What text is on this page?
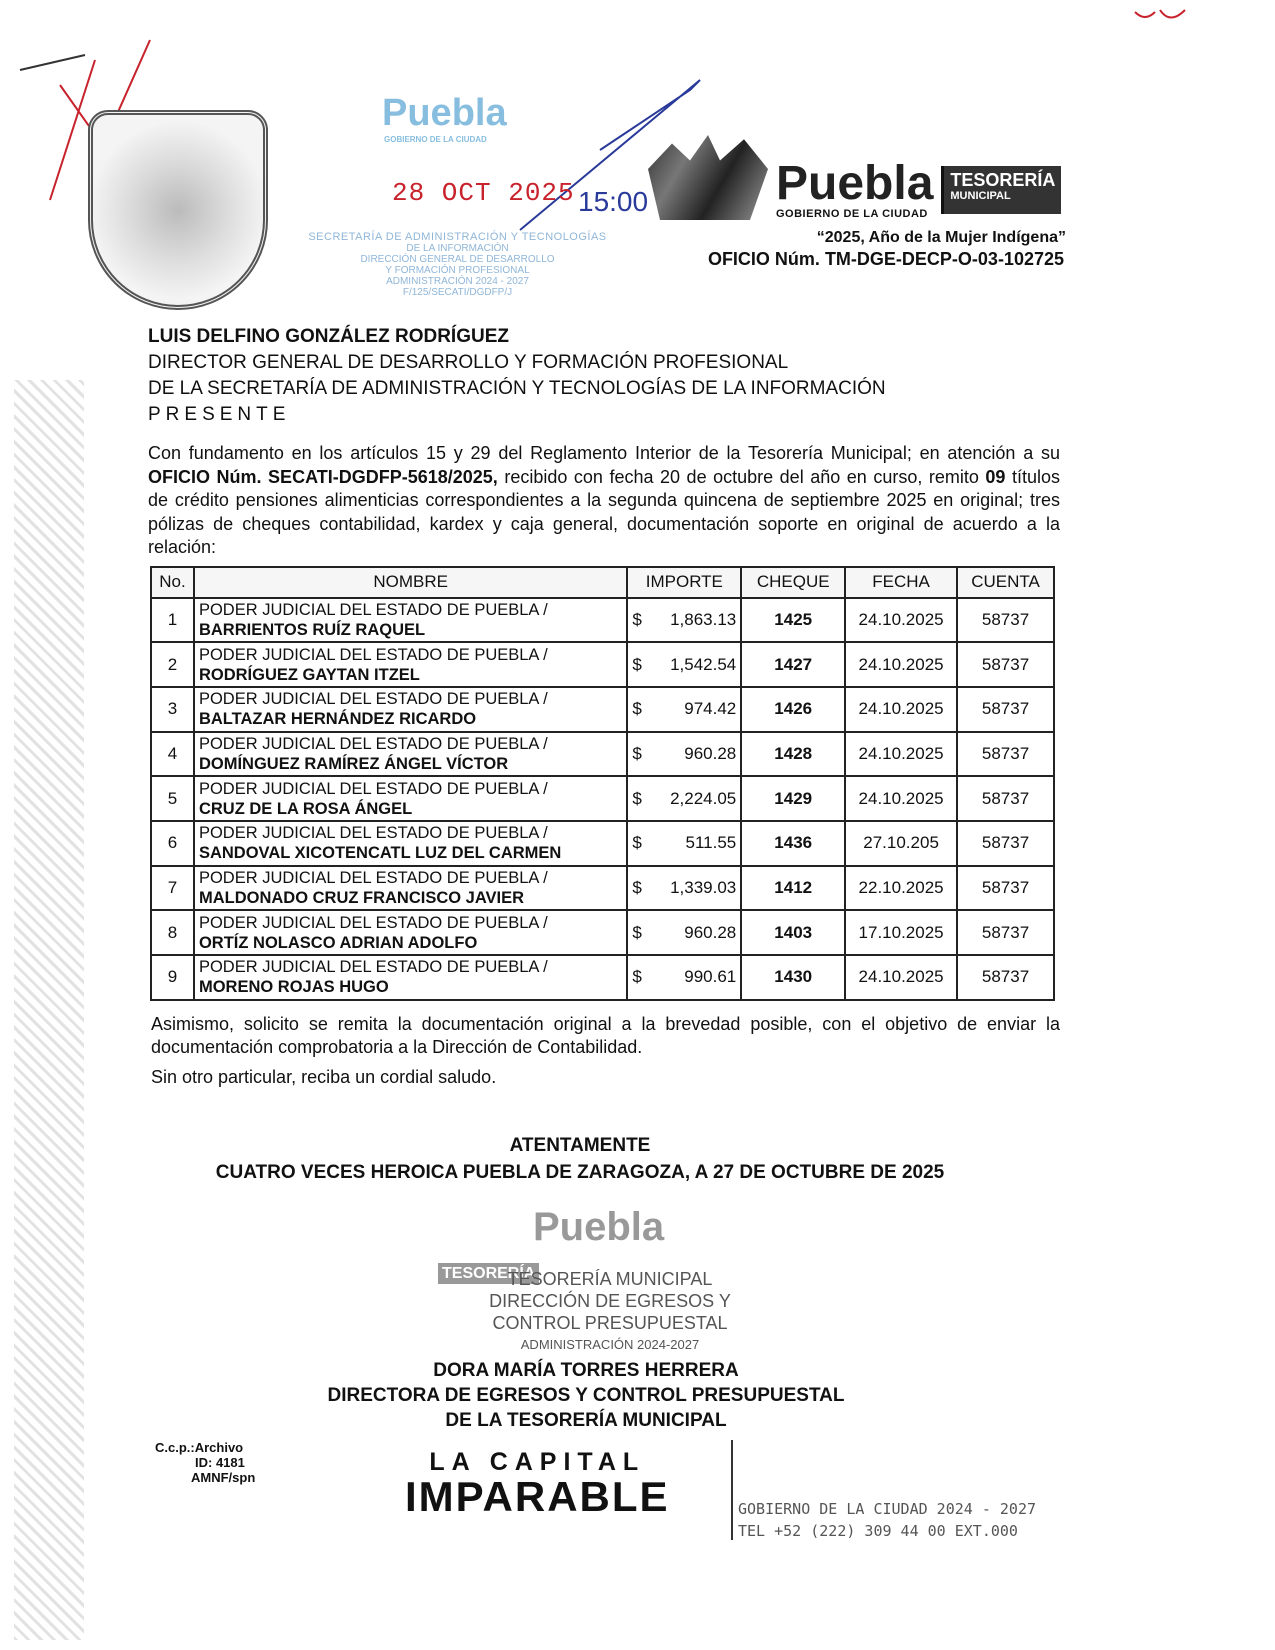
Puebla
GOBIERNO DE LA CIUDAD
28 OCT 2025 15:00
SECRETARÍA DE ADMINISTRACIÓN Y TECNOLOGÍAS
DE LA INFORMACIÓN
DIRECCIÓN GENERAL DE DESARROLLO
Y FORMACIÓN PROFESIONAL
ADMINISTRACIÓN 2024 - 2027
F/125/SECATI/DGDFP/J
Puebla
GOBIERNO DE LA CIUDAD
TESORERÍA
MUNICIPAL
“2025, Año de la Mujer Indígena”
OFICIO Núm. TM-DGE-DECP-O-03-102725
LUIS DELFINO GONZÁLEZ RODRÍGUEZ
DIRECTOR GENERAL DE DESARROLLO Y FORMACIÓN PROFESIONAL
DE LA SECRETARÍA DE ADMINISTRACIÓN Y TECNOLOGÍAS DE LA INFORMACIÓN
PRESENTE
Con fundamento en los artículos 15 y 29 del Reglamento Interior de la Tesorería Municipal; en atención a su OFICIO Núm. SECATI-DGDFP-5618/2025, recibido con fecha 20 de octubre del año en curso, remito 09 títulos de crédito pensiones alimenticias correspondientes a la segunda quincena de septiembre 2025 en original; tres pólizas de cheques contabilidad, kardex y caja general, documentación soporte en original de acuerdo a la relación:
No.	NOMBRE	IMPORTE	CHEQUE	FECHA	CUENTA
1	PODER JUDICIAL DEL ESTADO DE PUEBLA /
BARRIENTOS RUÍZ RAQUEL	$ 1,863.13	1425	24.10.2025	58737
2	PODER JUDICIAL DEL ESTADO DE PUEBLA /
RODRÍGUEZ GAYTAN ITZEL	$ 1,542.54	1427	24.10.2025	58737
3	PODER JUDICIAL DEL ESTADO DE PUEBLA /
BALTAZAR HERNÁNDEZ RICARDO	$ 974.42	1426	24.10.2025	58737
4	PODER JUDICIAL DEL ESTADO DE PUEBLA /
DOMÍNGUEZ RAMÍREZ ÁNGEL VÍCTOR	$ 960.28	1428	24.10.2025	58737
5	PODER JUDICIAL DEL ESTADO DE PUEBLA /
CRUZ DE LA ROSA ÁNGEL	$ 2,224.05	1429	24.10.2025	58737
6	PODER JUDICIAL DEL ESTADO DE PUEBLA /
SANDOVAL XICOTENCATL LUZ DEL CARMEN	$ 511.55	1436	27.10.205	58737
7	PODER JUDICIAL DEL ESTADO DE PUEBLA /
MALDONADO CRUZ FRANCISCO JAVIER	$ 1,339.03	1412	22.10.2025	58737
8	PODER JUDICIAL DEL ESTADO DE PUEBLA /
ORTÍZ NOLASCO ADRIAN ADOLFO	$ 960.28	1403	17.10.2025	58737
9	PODER JUDICIAL DEL ESTADO DE PUEBLA /
MORENO ROJAS HUGO	$ 990.61	1430	24.10.2025	58737
Asimismo, solicito se remita la documentación original a la brevedad posible, con el objetivo de enviar la documentación comprobatoria a la Dirección de Contabilidad.
Sin otro particular, reciba un cordial saludo.
ATENTAMENTE
CUATRO VECES HEROICA PUEBLA DE ZARAGOZA, A 27 DE OCTUBRE DE 2025
Puebla TESORERÍA
TESORERÍA MUNICIPAL
DIRECCIÓN DE EGRESOS Y
CONTROL PRESUPUESTAL
ADMINISTRACIÓN 2024-2027
DORA MARÍA TORRES HERRERA
DIRECTORA DE EGRESOS Y CONTROL PRESUPUESTAL
DE LA TESORERÍA MUNICIPAL
C.c.p.:Archivo
ID: 4181
AMNF/spn
LA CAPITAL
IMPARABLE	GOBIERNO DE LA CIUDAD 2024 - 2027
TEL +52 (222) 309 44 00 EXT.000
